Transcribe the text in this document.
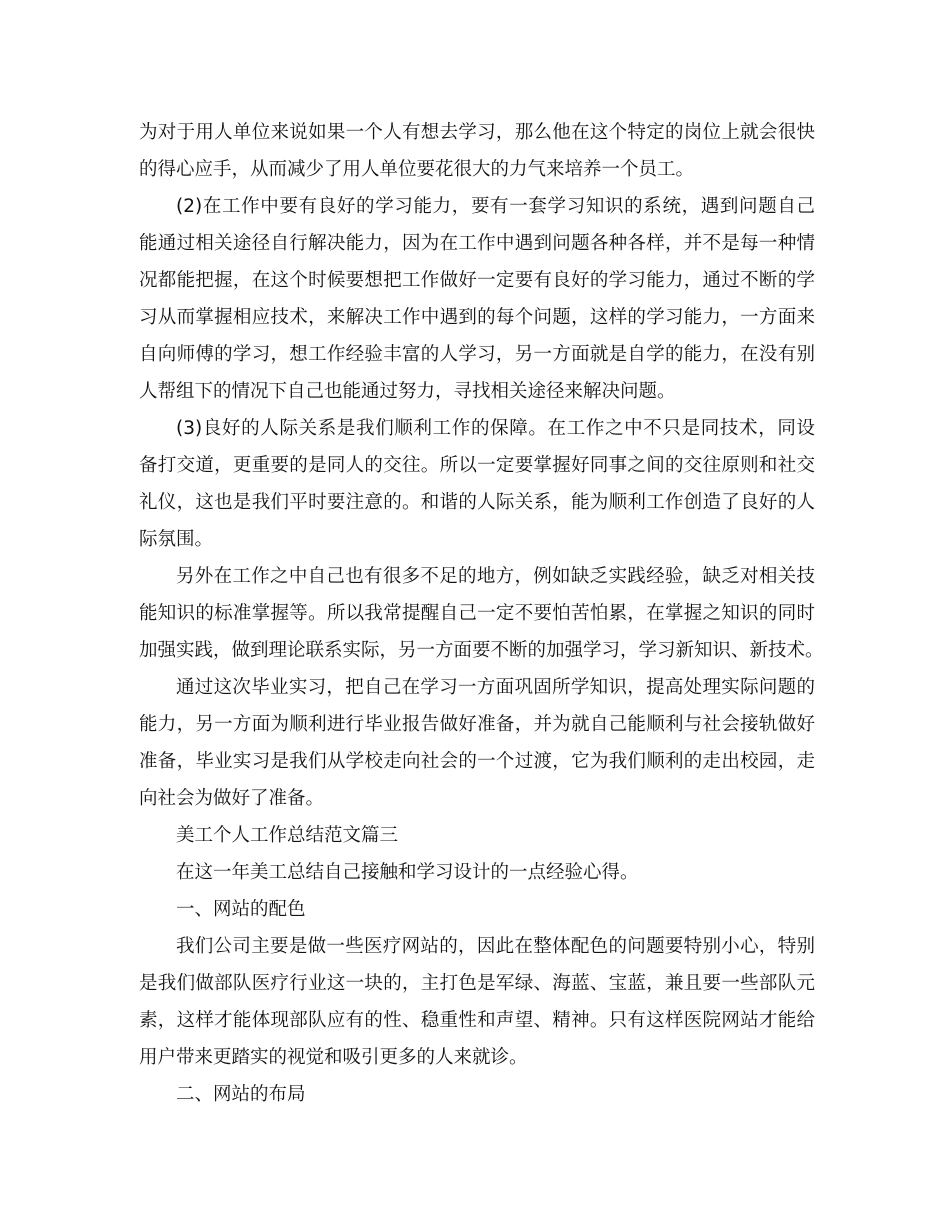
为对于用人单位来说如果一个人有想去学习，那么他在这个特定的岗位上就会很快
的得心应手，从而减少了用人单位要花很大的力气来培养一个员工。
(2)在工作中要有良好的学习能力，要有一套学习知识的系统，遇到问题自己
能通过相关途径自行解决能力，因为在工作中遇到问题各种各样，并不是每一种情
况都能把握，在这个时候要想把工作做好一定要有良好的学习能力，通过不断的学
习从而掌握相应技术，来解决工作中遇到的每个问题，这样的学习能力，一方面来
自向师傅的学习，想工作经验丰富的人学习，另一方面就是自学的能力，在没有别
人帮组下的情况下自己也能通过努力，寻找相关途径来解决问题。
(3)良好的人际关系是我们顺利工作的保障。在工作之中不只是同技术，同设
备打交道，更重要的是同人的交往。所以一定要掌握好同事之间的交往原则和社交
礼仪，这也是我们平时要注意的。和谐的人际关系，能为顺利工作创造了良好的人
际氛围。
另外在工作之中自己也有很多不足的地方，例如缺乏实践经验，缺乏对相关技
能知识的标准掌握等。所以我常提醒自己一定不要怕苦怕累，在掌握之知识的同时
加强实践，做到理论联系实际，另一方面要不断的加强学习，学习新知识、新技术。
通过这次毕业实习，把自己在学习一方面巩固所学知识，提高处理实际问题的
能力，另一方面为顺利进行毕业报告做好准备，并为就自己能顺利与社会接轨做好
准备，毕业实习是我们从学校走向社会的一个过渡，它为我们顺利的走出校园，走
向社会为做好了准备。
美工个人工作总结范文篇三
在这一年美工总结自己接触和学习设计的一点经验心得。
一、网站的配色
我们公司主要是做一些医疗网站的，因此在整体配色的问题要特别小心，特别
是我们做部队医疗行业这一块的，主打色是军绿、海蓝、宝蓝，兼且要一些部队元
素，这样才能体现部队应有的性、稳重性和声望、精神。只有这样医院网站才能给
用户带来更踏实的视觉和吸引更多的人来就诊。
二、网站的布局
